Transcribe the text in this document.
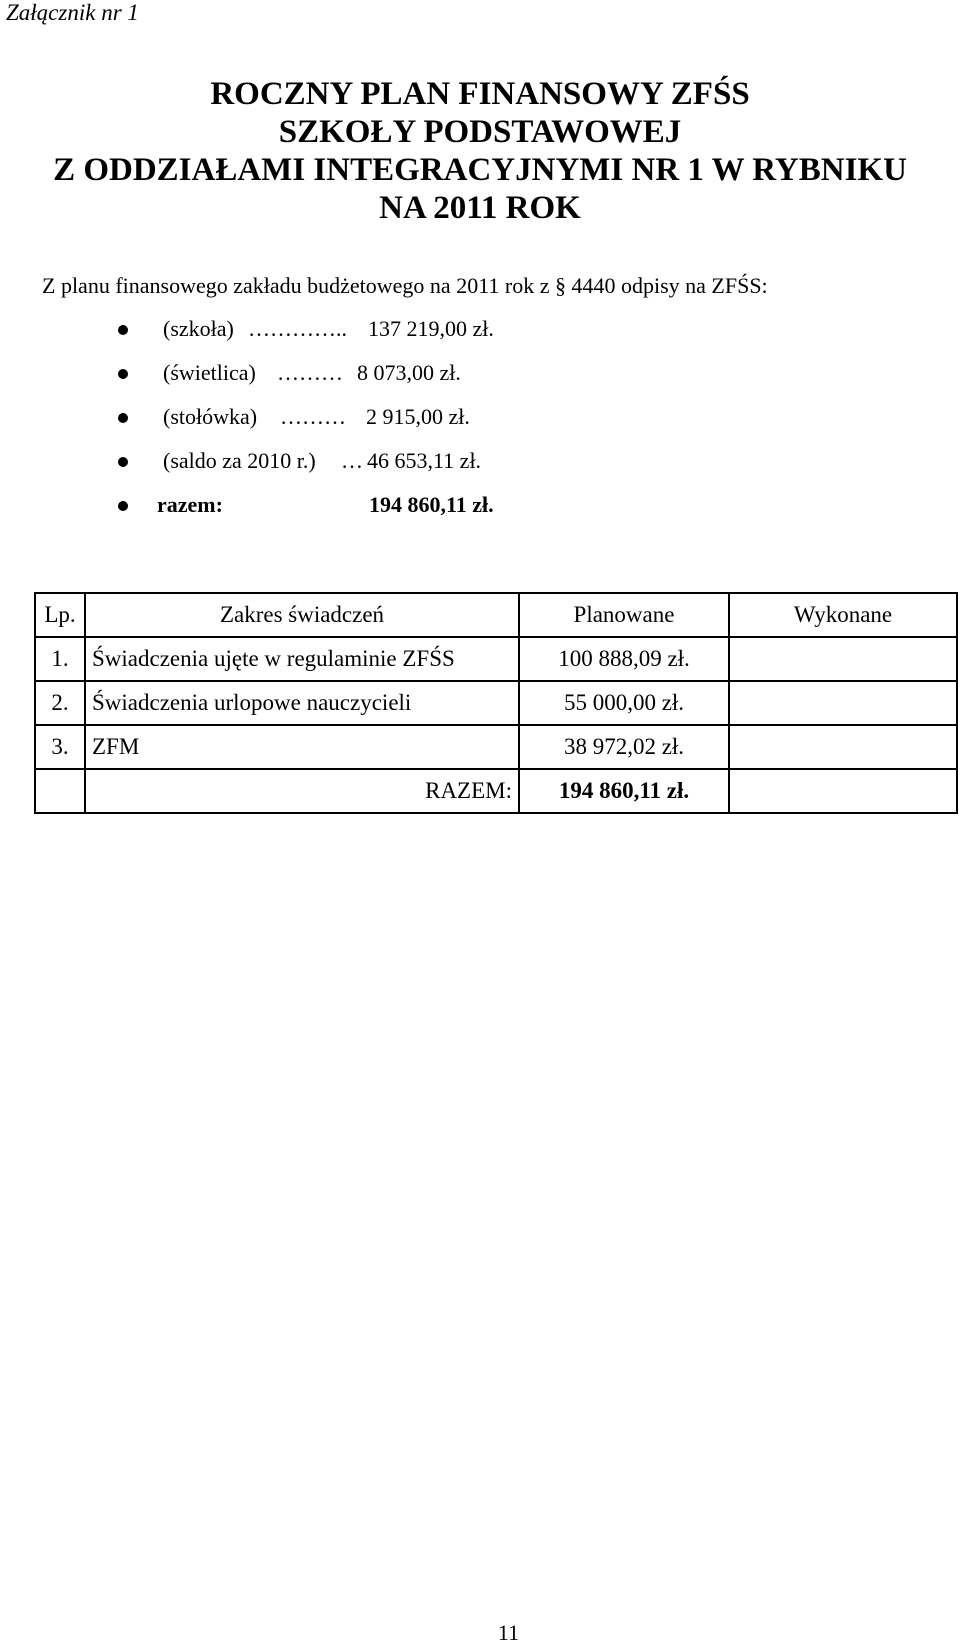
Załącznik nr 1
ROCZNY PLAN FINANSOWY ZFŚS
SZKOŁY PODSTAWOWEJ
Z ODDZIAŁAMI INTEGRACYJNYMI NR 1 W RYBNIKU
NA 2011 ROK
Z planu finansowego zakładu budżetowego na 2011 rok z § 4440 odpisy na ZFŚS:
(szkoła) ………….. 137 219,00 zł.
(świetlica) ……… 8 073,00 zł.
(stołówka) ……… 2 915,00 zł.
(saldo za 2010 r.) … 46 653,11 zł.
razem:	194 860,11 zł.
Lp.	Zakres świadczeń	Planowane	Wykonane
1.	Świadczenia ujęte w regulaminie ZFŚS	100 888,09 zł.	
2.	Świadczenia urlopowe nauczycieli	55 000,00 zł.	
3.	ZFM	38 972,02 zł.	
	RAZEM:	194 860,11 zł.	
11
